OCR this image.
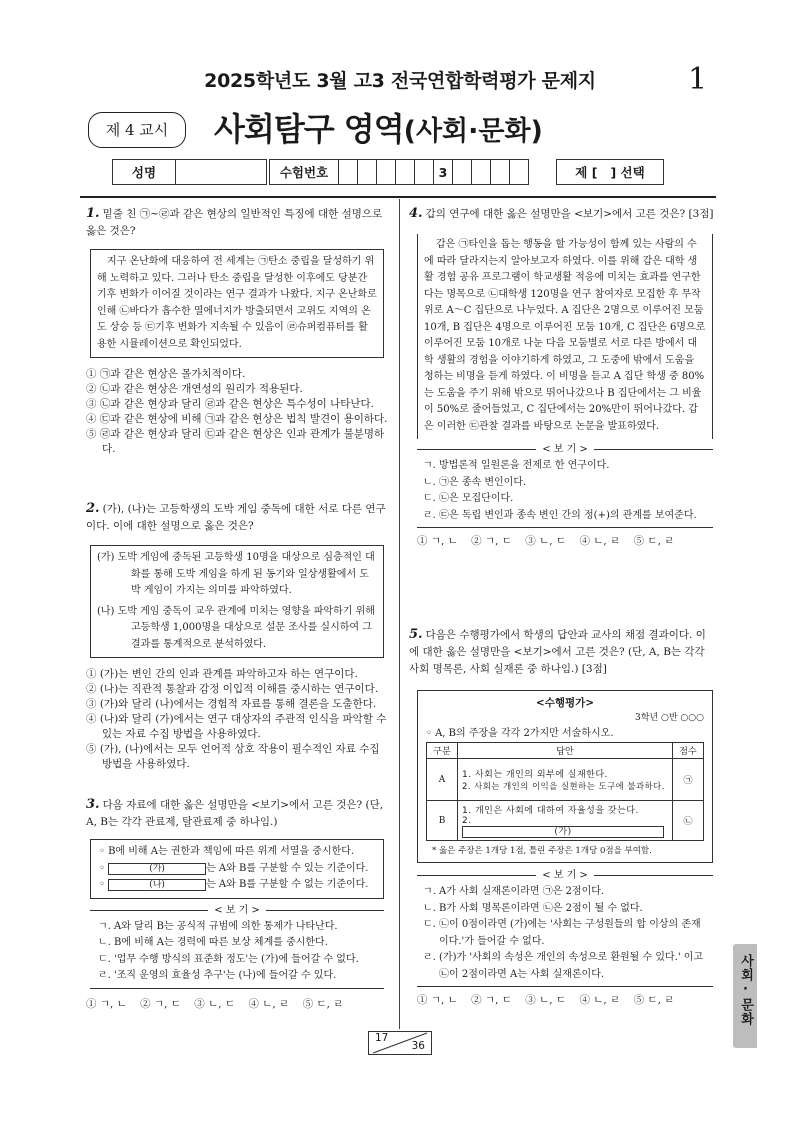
2025학년도 3월 고3 전국연합학력평가 문제지	1
제 4 교시	사회탐구 영역(사회·문화)
성명		수험번호						3					제 [   ] 선택
1. 밑줄 친 ㉠~㉣과 같은 현상의 일반적인 특징에 대한 설명으로 옳은 것은?
지구 온난화에 대응하여 전 세계는 ㉠탄소 중립을 달성하기 위해 노력하고 있다. 그러나 탄소 중립을 달성한 이후에도 당분간 기후 변화가 이어질 것이라는 연구 결과가 나왔다. 지구 온난화로 인해 ㉡바다가 흡수한 열에너지가 방출되면서 고위도 지역의 온도 상승 등 ㉢기후 변화가 지속될 수 있음이 ㉣슈퍼컴퓨터를 활용한 시뮬레이션으로 확인되었다.
① ㉠과 같은 현상은 몰가치적이다.
② ㉡과 같은 현상은 개연성의 원리가 적용된다.
③ ㉡과 같은 현상과 달리 ㉣과 같은 현상은 특수성이 나타난다.
④ ㉢과 같은 현상에 비해 ㉠과 같은 현상은 법칙 발견이 용이하다.
⑤ ㉣과 같은 현상과 달리 ㉢과 같은 현상은 인과 관계가 불분명하다.
2. (가), (나)는 고등학생의 도박 게임 중독에 대한 서로 다른 연구이다. 이에 대한 설명으로 옳은 것은?
(가) 도박 게임에 중독된 고등학생 10명을 대상으로 심층적인 대화를 통해 도박 게임을 하게 된 동기와 일상생활에서 도박 게임이 가지는 의미를 파악하였다.
(나) 도박 게임 중독이 교우 관계에 미치는 영향을 파악하기 위해 고등학생 1,000명을 대상으로 설문 조사를 실시하여 그 결과를 통계적으로 분석하였다.
① (가)는 변인 간의 인과 관계를 파악하고자 하는 연구이다.
② (나)는 직관적 통찰과 감정 이입적 이해를 중시하는 연구이다.
③ (가)와 달리 (나)에서는 경험적 자료를 통해 결론을 도출한다.
④ (나)와 달리 (가)에서는 연구 대상자의 주관적 인식을 파악할 수 있는 자료 수집 방법을 사용하였다.
⑤ (가), (나)에서는 모두 언어적 상호 작용이 필수적인 자료 수집 방법을 사용하였다.
3. 다음 자료에 대한 옳은 설명만을 <보기>에서 고른 것은? (단, A, B는 각각 관료제, 탈관료제 중 하나임.)
◦ B에 비해 A는 권한과 책임에 따른 위계 서열을 중시한다.
◦	(가)	는 A와 B를 구분할 수 있는 기준이다.
◦	(나)	는 A와 B를 구분할 수 없는 기준이다.
< 보 기 >
ㄱ. A와 달리 B는 공식적 규범에 의한 통제가 나타난다.
ㄴ. B에 비해 A는 경력에 따른 보상 체계를 중시한다.
ㄷ. '업무 수행 방식의 표준화 정도'는 (가)에 들어갈 수 없다.
ㄹ. '조직 운영의 효율성 추구'는 (나)에 들어갈 수 있다.
① ㄱ, ㄴ    ② ㄱ, ㄷ    ③ ㄴ, ㄷ    ④ ㄴ, ㄹ    ⑤ ㄷ, ㄹ
4. 갑의 연구에 대한 옳은 설명만을 <보기>에서 고른 것은? [3점]
갑은 ㉠타인을 돕는 행동을 할 가능성이 함께 있는 사람의 수에 따라 달라지는지 알아보고자 하였다. 이를 위해 갑은 대학 생활 경험 공유 프로그램이 학교생활 적응에 미치는 효과를 연구한다는 명목으로 ㉡대학생 120명을 연구 참여자로 모집한 후 무작위로 A～C 집단으로 나누었다. A 집단은 2명으로 이루어진 모둠 10개, B 집단은 4명으로 이루어진 모둠 10개, C 집단은 6명으로 이루어진 모둠 10개로 나눈 다음 모둠별로 서로 다른 방에서 대학 생활의 경험을 이야기하게 하였고, 그 도중에 밖에서 도움을 청하는 비명을 듣게 하였다. 이 비명을 듣고 A 집단 학생 중 80%는 도움을 주기 위해 밖으로 뛰어나갔으나 B 집단에서는 그 비율이 50%로 줄어들었고, C 집단에서는 20%만이 뛰어나갔다. 갑은 이러한 ㉢관찰 결과를 바탕으로 논문을 발표하였다.
< 보 기 >
ㄱ. 방법론적 일원론을 전제로 한 연구이다.
ㄴ. ㉠은 종속 변인이다.
ㄷ. ㉡은 모집단이다.
ㄹ. ㉢은 독립 변인과 종속 변인 간의 정(+)의 관계를 보여준다.
① ㄱ, ㄴ    ② ㄱ, ㄷ    ③ ㄴ, ㄷ    ④ ㄴ, ㄹ    ⑤ ㄷ, ㄹ
5. 다음은 수행평가에서 학생의 답안과 교사의 채점 결과이다. 이에 대한 옳은 설명만을 <보기>에서 고른 것은? (단, A, B는 각각 사회 명목론, 사회 실재론 중 하나임.) [3점]
<수행평가>
3학년 ○반 ○○○
◦ A, B의 주장을 각각 2가지만 서술하시오.
구분	답안	점수
A	1. 사회는 개인의 외부에 실재한다.
2. 사회는 개인의 이익을 실현하는 도구에 불과하다.	㉠
B	1. 개인은 사회에 대하여 자율성을 갖는다.
2. (가)	㉡
* 옳은 주장은 1개당 1점, 틀린 주장은 1개당 0점을 부여함.
< 보 기 >
ㄱ. A가 사회 실재론이라면 ㉠은 2점이다.
ㄴ. B가 사회 명목론이라면 ㉡은 2점이 될 수 없다.
ㄷ. ㉡이 0점이라면 (가)에는 '사회는 구성원들의 합 이상의 존재이다.'가 들어갈 수 없다.
ㄹ. (가)가 '사회의 속성은 개인의 속성으로 환원될 수 있다.' 이고 ㉡이 2점이라면 A는 사회 실재론이다.
① ㄱ, ㄴ    ② ㄱ, ㄷ    ③ ㄴ, ㄷ    ④ ㄴ, ㄹ    ⑤ ㄷ, ㄹ
17
36
사회·문화
